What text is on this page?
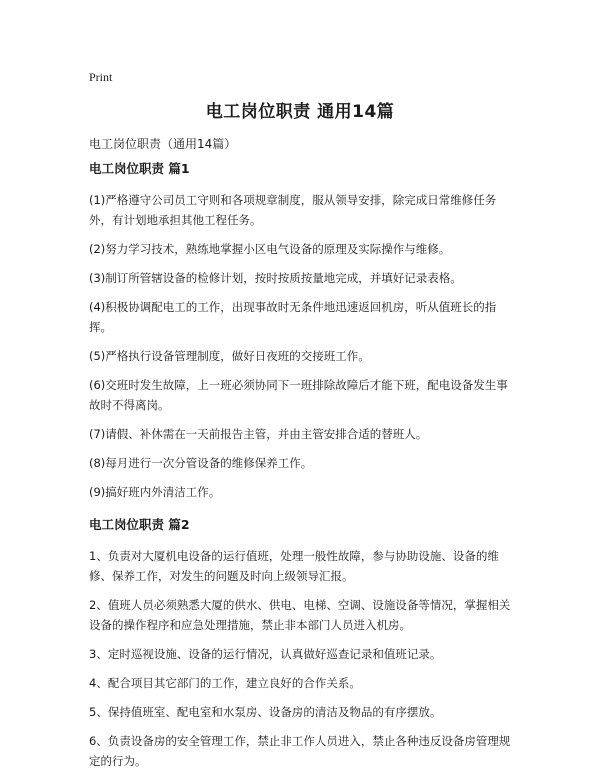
Print
电工岗位职责 通用14篇
电工岗位职责（通用14篇）
电工岗位职责 篇1

(1)严格遵守公司员工守则和各项规章制度，服从领导安排，除完成日常维修任务外，有计划地承担其他工程任务。

(2)努力学习技术，熟练地掌握小区电气设备的原理及实际操作与维修。

(3)制订所管辖设备的检修计划，按时按质按量地完成，并填好记录表格。

(4)积极协调配电工的工作，出现事故时无条件地迅速返回机房，听从值班长的指挥。

(5)严格执行设备管理制度，做好日夜班的交接班工作。

(6)交班时发生故障，上一班必须协同下一班排除故障后才能下班，配电设备发生事故时不得离岗。

(7)请假、补休需在一天前报告主管，并由主管安排合适的替班人。

(8)每月进行一次分管设备的维修保养工作。

(9)搞好班内外清洁工作。

电工岗位职责 篇2

1、负责对大厦机电设备的运行值班，处理一般性故障，参与协助设施、设备的维修、保养工作，对发生的问题及时向上级领导汇报。

2、值班人员必须熟悉大厦的供水、供电、电梯、空调、设施设备等情况，掌握相关设备的操作程序和应急处理措施，禁止非本部门人员进入机房。

3、定时巡视设施、设备的运行情况，认真做好巡查记录和值班记录。

4、配合项目其它部门的工作，建立良好的合作关系。

5、保持值班室、配电室和水泵房、设备房的清洁及物品的有序摆放。

6、负责设备房的安全管理工作，禁止非工作人员进入，禁止各种违反设备房管理规定的行为。
